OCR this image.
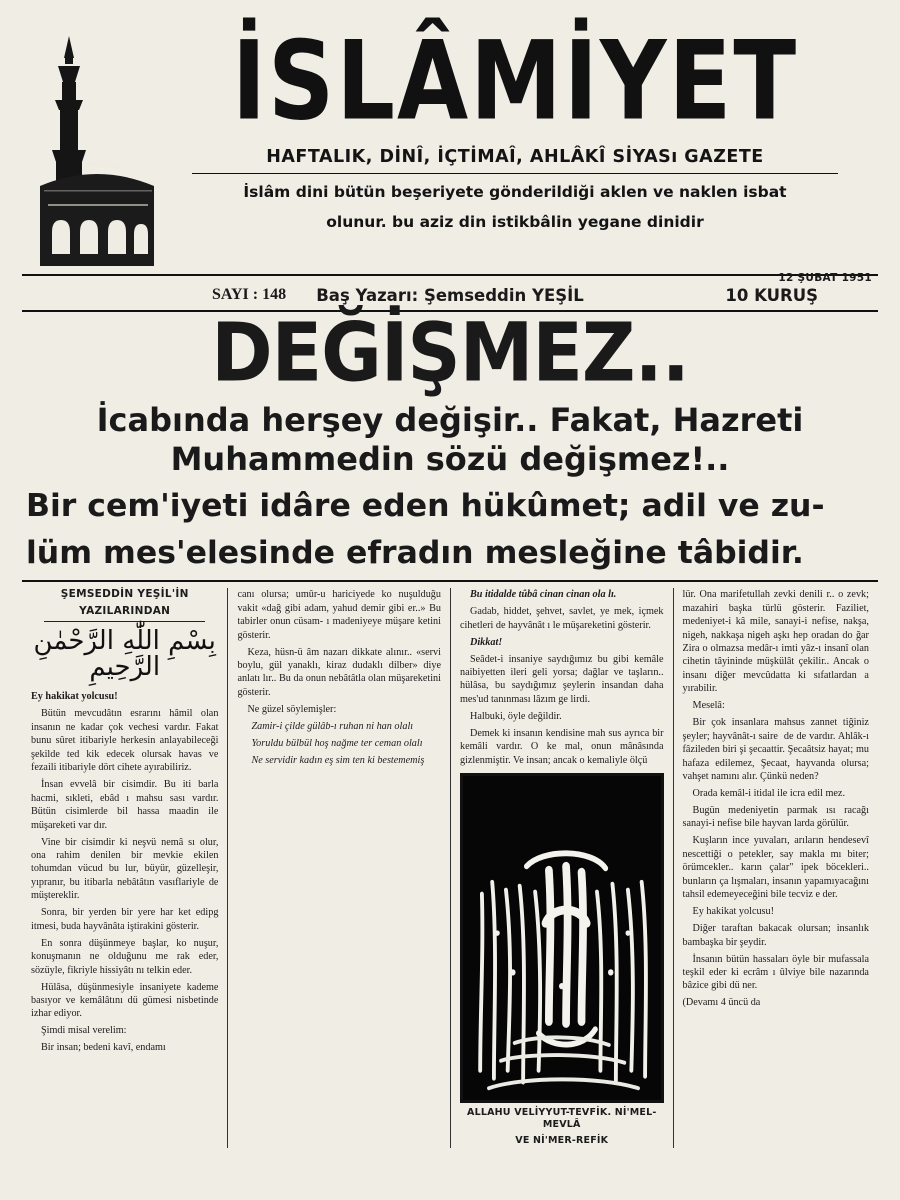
İSLÂMİYET
HAFTALIK, DİNÎ, İÇTİMAÎ, AHLÂKÎ SİYASı GAZETE
İslâm dini bütün beşeriyete gönderildiği aklen ve naklen isbat
olunur. bu aziz din istikbâlin yegane dinidir
12 ŞUBAT 1951
SAYI : 148 Baş Yazarı: Şemseddin YEŞİL	10 KURUŞ
DEĞİŞMEZ..
İcabında herşey değişir.. Fakat, Hazreti
Muhammedin sözü değişmez!..
Bir cem'iyeti idâre eden hükûmet; adil ve zu-
lüm mes'elesinde efradın mesleğine tâbidir.
ŞEMSEDDİN YEŞİL'İN
YAZILARINDAN
بِسْمِ اللّٰهِ الرَّحْمٰنِ الرَّحِيمِ

Ey hakikat yolcusu!

Bütün mevcudâtın esrarını hâmil olan insanın ne kadar çok vechesi vardır. Fakat bunu sûret itibariyle herkesin anlayabileceği şekilde ted kik edecek olursak havas ve fezaili itibariyle dört cihete ayırabiliriz.

İnsan evvelâ bir cisimdir. Bu iti barla hacmi, sıkleti, ebâd ı mahsu sası vardır. Bütün cisimlerde bil hassa maadin ile müşareketi var dır.

Vine bir cisimdir ki neşvü nemâ sı olur, ona rahim denilen bir mevkie ekilen tohumdan vücud bu lur, büyür, güzelleşir, yıpranır, bu itibarla nebâtâtın vasıflariyle de müştereklir.

Sonra, bir yerden bir yere har ket edipg itmesi, buda hayvânâta iştirakini gösterir.

En sonra düşünmeye başlar, ko nuşur, konuşmanın ne olduğunu me rak eder, sözüyle, fikriyle hissiyâtı nı telkin eder.

Hülâsa, düşünmesiyle insaniyete kademe basıyor ve kemâlâtını dü gümesi nisbetinde izhar ediyor.

Şimdi misal verelim:

Bir insan; bedeni kavî, endamı

canı olursa; umûr-u hariciyede ko nuşulduğu vakit «dağ gibi adam, yahud demir gibi er..» Bu tabirler onun cüsam- ı madeniyeye müşare ketini gösterir.

Keza, hüsn-ü âm nazarı dikkate alınır.. «servi boylu, gül yanaklı, kiraz dudaklı dilber» diye anlatı lır.. Bu da onun nebâtâtla olan müşareketini gösterir.

Ne güzel söylemişler:

Zamir-i çilde gülâb-ı ruhan ni han olalı

Yoruldu bülbül hoş nağme ter ceman olalı

Ne servidir kadın eş sim ten ki bestememiş

Bu itidalde tûbâ cinan cinan ola lı.

Gadab, hiddet, şehvet, savlet, ye mek, içmek cihetleri de hayvânât ı le müşareketini gösterir.

Dikkat!

Seâdet-i insaniye saydığımız bu gibi kemâle naibiyetten ileri geli yorsa; dağlar ve taşların.. hülâsa, bu saydığımız şeylerin insandan daha mes'ud tanınması lâzım ge lirdi.

Halbuki, öyle değildir.

Demek ki insanın kendisine mah sus ayrıca bir kemâli vardır. O ke mal, onun mânâsında gizlenmiştir. Ve insan; ancak o kemaliyle ölçü

ALLAHU VELİYYUT-TEVFİK. Nİ'MEL-MEVLÂ
VE Nİ'MER-REFİK

lür. Ona marifetullah zevki denili r.. o zevk; mazahiri başka türlü gösterir. Faziliet, medeniyet-i kâ mile, sanayi-i nefise, nakşa, nigeh, nakkaşa nigeh aşkı hep oradan do ğar Zira o olmazsa medâr-ı imti yâz-ı insanî olan cihetin tâyininde müşkülât çekilir.. Ancak o insanı diğer mevcûdatta ki sıfatlardan a yırabilir.

Meselâ:

Bir çok insanlara mahsus zannet tiğiniz şeyler; hayvânât-ı saire de de vardır. Ahlâk-ı fâzileden biri şi şecaattir. Şecaâtsiz hayat; mu hafaza edilemez, Şecaat, hayvanda olursa; vahşet namını alır. Çünkü neden?

Orada kemâl-i itidal ile icra edil mez.

Bugün medeniyetin parmak ısı racağı sanayi-i nefise bile hayvan larda görülür.

Kuşların ince yuvaları, arıların hendesevî nescettiği o petekler, say makla mı biter; örümcekler.. karın çalar" ipek böcekleri.. bunların ça lışmaları, insanın yapamıyacağını tahsil edemeyeceğini bile tecviz e der.

Ey hakikat yolcusu!

Diğer taraftan bakacak olursan; insanlık bambaşka bir şeydir.

İnsanın bütün hassaları öyle bir mufassala teşkil eder ki ecrâm ı ûlviye bile nazarında bâzice gibi dü ner.

(Devamı 4 üncü da
